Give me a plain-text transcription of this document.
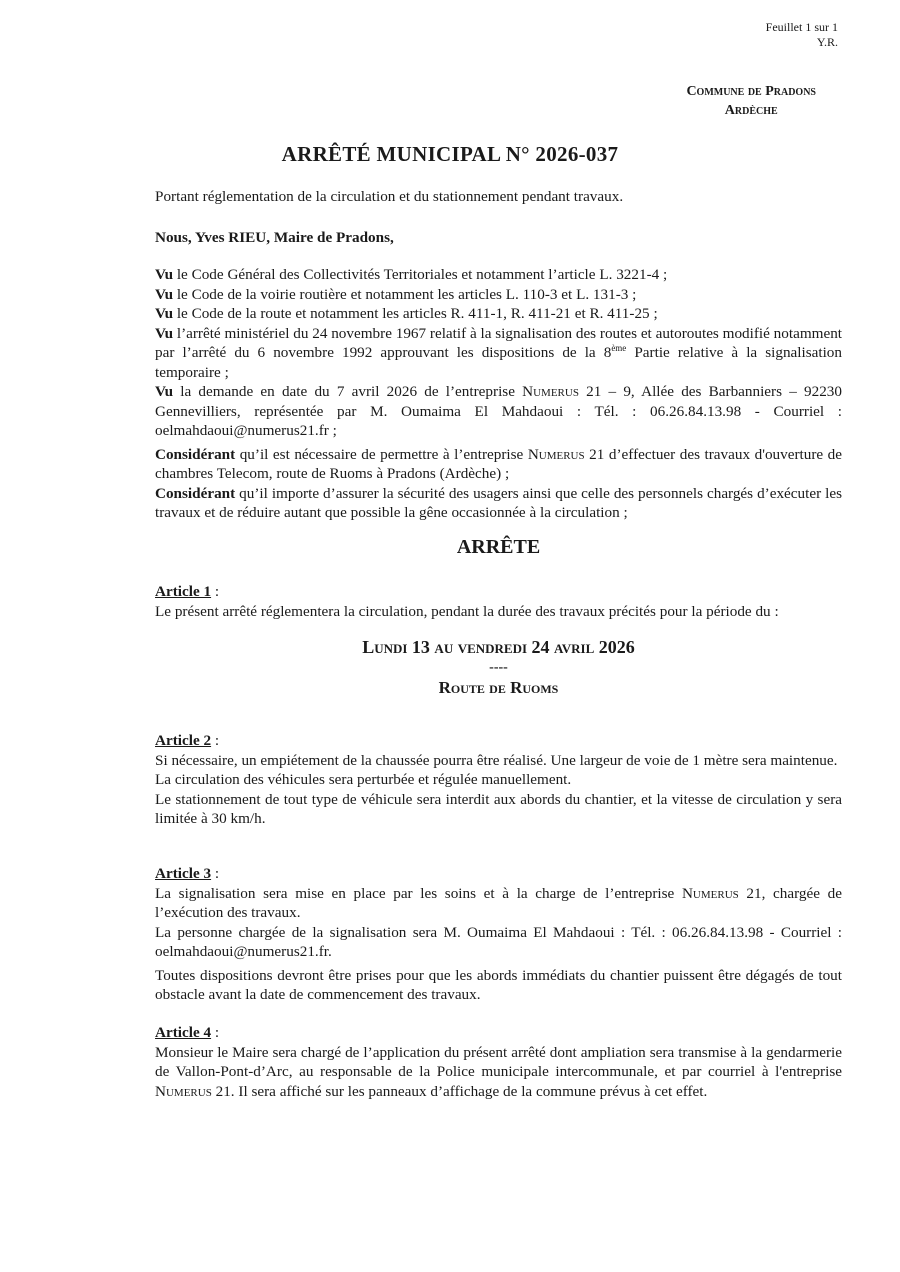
Feuillet 1 sur 1
Y.R.
Commune de Pradons
Ardèche
ARRÊTÉ MUNICIPAL N° 2026-037

Portant réglementation de la circulation et du stationnement pendant travaux.

Nous, Yves RIEU, Maire de Pradons,

Vu le Code Général des Collectivités Territoriales et notamment l’article L. 3221-4 ;

Vu le Code de la voirie routière et notamment les articles L. 110-3 et L. 131-3 ;

Vu le Code de la route et notamment les articles R. 411-1, R. 411-21 et R. 411-25 ;

Vu l’arrêté ministériel du 24 novembre 1967 relatif à la signalisation des routes et autoroutes modifié notamment par l’arrêté du 6 novembre 1992 approuvant les dispositions de la 8ème Partie relative à la signalisation temporaire ;

Vu la demande en date du 7 avril 2026 de l’entreprise Numerus 21 – 9, Allée des Barbanniers – 92230 Gennevilliers, représentée par M. Oumaima El Mahdaoui : Tél. : 06.26.84.13.98 - Courriel : oelmahdaoui@numerus21.fr ;

Considérant qu’il est nécessaire de permettre à l’entreprise Numerus 21 d’effectuer des travaux d'ouverture de chambres Telecom, route de Ruoms à Pradons (Ardèche) ;

Considérant qu’il importe d’assurer la sécurité des usagers ainsi que celle des personnels chargés d’exécuter les travaux et de réduire autant que possible la gêne occasionnée à la circulation ;

ARRÊTE

Article 1 :

Le présent arrêté réglementera la circulation, pendant la durée des travaux précités pour la période du :

Lundi 13 au vendredi 24 avril 2026

----

Route de Ruoms

Article 2 :

Si nécessaire, un empiétement de la chaussée pourra être réalisé. Une largeur de voie de 1 mètre sera maintenue.

La circulation des véhicules sera perturbée et régulée manuellement.

Le stationnement de tout type de véhicule sera interdit aux abords du chantier, et la vitesse de circulation y sera limitée à 30 km/h.

Article 3 :

La signalisation sera mise en place par les soins et à la charge de l’entreprise Numerus 21, chargée de l’exécution des travaux.

La personne chargée de la signalisation sera M. Oumaima El Mahdaoui : Tél. : 06.26.84.13.98 - Courriel : oelmahdaoui@numerus21.fr.

Toutes dispositions devront être prises pour que les abords immédiats du chantier puissent être dégagés de tout obstacle avant la date de commencement des travaux.

Article 4 :

Monsieur le Maire sera chargé de l’application du présent arrêté dont ampliation sera transmise à la gendarmerie de Vallon-Pont-d’Arc, au responsable de la Police municipale intercommunale, et par courriel à l'entreprise Numerus 21. Il sera affiché sur les panneaux d’affichage de la commune prévus à cet effet.
